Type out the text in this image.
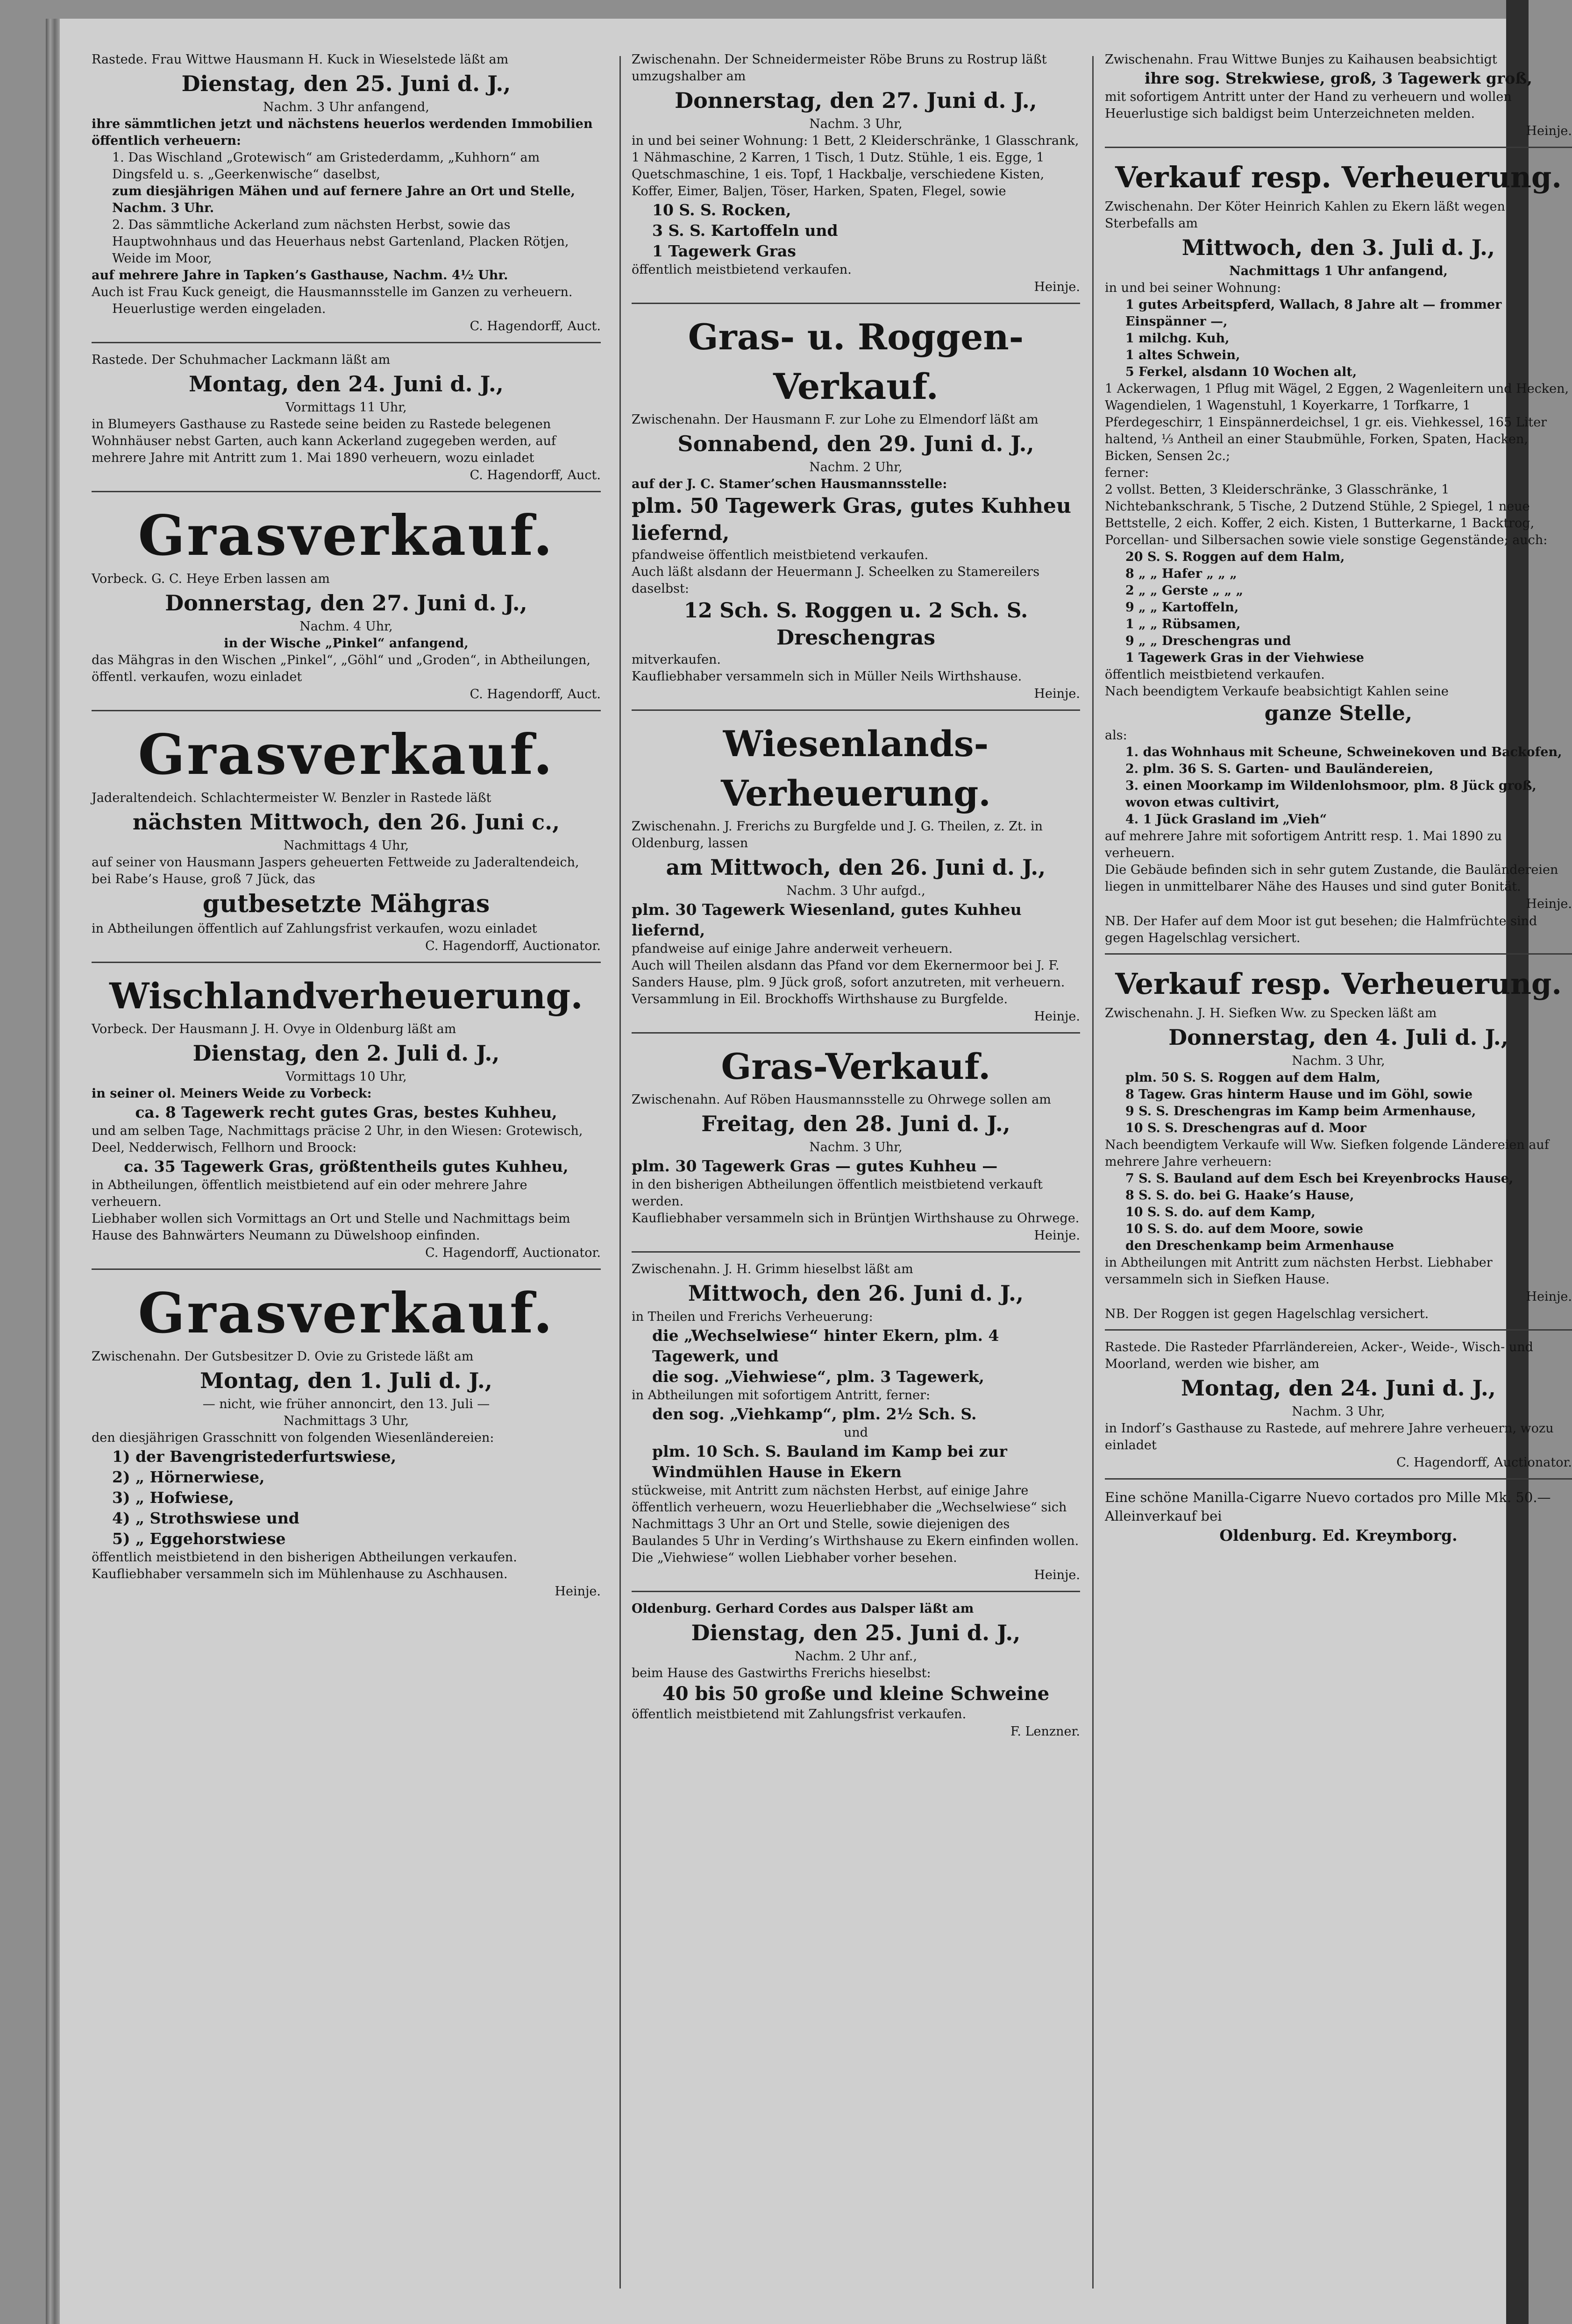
Rastede. Frau Wittwe Hausmann H. Kuck in Wieselstede läßt am

Dienstag, den 25. Juni d. J.,

Nachm. 3 Uhr anfangend,

ihre sämmtlichen jetzt und nächstens heuerlos werdenden Immobilien öffentlich verheuern:

1. Das Wischland „Grotewisch“ am Gristederdamm, „Kuhhorn“ am Dingsfeld u. s. „Geerkenwische“ daselbst,

zum diesjährigen Mähen und auf fernere Jahre an Ort und Stelle, Nachm. 3 Uhr.

2. Das sämmtliche Ackerland zum nächsten Herbst, sowie das Hauptwohnhaus und das Heuerhaus nebst Gartenland, Placken Rötjen, Weide im Moor,

auf mehrere Jahre in Tapken’s Gasthause, Nachm. 4½ Uhr.

Auch ist Frau Kuck geneigt, die Hausmannsstelle im Ganzen zu verheuern.

Heuerlustige werden eingeladen.

C. Hagendorff, Auct.

Rastede. Der Schuhmacher Lackmann läßt am

Montag, den 24. Juni d. J.,

Vormittags 11 Uhr,

in Blumeyers Gasthause zu Rastede seine beiden zu Rastede belegenen Wohnhäuser nebst Garten, auch kann Ackerland zugegeben werden, auf mehrere Jahre mit Antritt zum 1. Mai 1890 verheuern, wozu einladet

C. Hagendorff, Auct.

Grasverkauf.

Vorbeck. G. C. Heye Erben lassen am

Donnerstag, den 27. Juni d. J.,

Nachm. 4 Uhr,

in der Wische „Pinkel“ anfangend,

das Mähgras in den Wischen „Pinkel“, „Göhl“ und „Groden“, in Abtheilungen, öffentl. verkaufen, wozu einladet

C. Hagendorff, Auct.

Grasverkauf.

Jaderaltendeich. Schlachtermeister W. Benzler in Rastede läßt

nächsten Mittwoch, den 26. Juni c.,

Nachmittags 4 Uhr,

auf seiner von Hausmann Jaspers geheuerten Fettweide zu Jaderaltendeich, bei Rabe’s Hause, groß 7 Jück, das

gutbesetzte Mähgras

in Abtheilungen öffentlich auf Zahlungsfrist verkaufen, wozu einladet

C. Hagendorff, Auctionator.

Wischlandverheuerung.

Vorbeck. Der Hausmann J. H. Ovye in Oldenburg läßt am

Dienstag, den 2. Juli d. J.,

Vormittags 10 Uhr,

in seiner ol. Meiners Weide zu Vorbeck:

ca. 8 Tagewerk recht gutes Gras, bestes Kuhheu,

und am selben Tage, Nachmittags präcise 2 Uhr, in den Wiesen: Grotewisch, Deel, Nedderwisch, Fellhorn und Broock:

ca. 35 Tagewerk Gras, größtentheils gutes Kuhheu,

in Abtheilungen, öffentlich meistbietend auf ein oder mehrere Jahre verheuern.

Liebhaber wollen sich Vormittags an Ort und Stelle und Nachmittags beim Hause des Bahnwärters Neumann zu Düwelshoop einfinden.

C. Hagendorff, Auctionator.

Grasverkauf.

Zwischenahn. Der Gutsbesitzer D. Ovie zu Gristede läßt am

Montag, den 1. Juli d. J.,

— nicht, wie früher annoncirt, den 13. Juli —

Nachmittags 3 Uhr,

den diesjährigen Grasschnitt von folgenden Wiesenländereien:

1) der Bavengristederfurtswiese,

2) „ Hörnerwiese,

3) „ Hofwiese,

4) „ Strothswiese und

5) „ Eggehorstwiese

öffentlich meistbietend in den bisherigen Abtheilungen verkaufen.

Kaufliebhaber versammeln sich im Mühlenhause zu Aschhausen.

Heinje.

Zwischenahn. Der Schneidermeister Röbe Bruns zu Rostrup läßt umzugshalber am

Donnerstag, den 27. Juni d. J.,

Nachm. 3 Uhr,

in und bei seiner Wohnung: 1 Bett, 2 Kleiderschränke, 1 Glasschrank, 1 Nähmaschine, 2 Karren, 1 Tisch, 1 Dutz. Stühle, 1 eis. Egge, 1 Quetschmaschine, 1 eis. Topf, 1 Hackbalje, verschiedene Kisten, Koffer, Eimer, Baljen, Töser, Harken, Spaten, Flegel, sowie

10 S. S. Rocken,

3 S. S. Kartoffeln und

1 Tagewerk Gras

öffentlich meistbietend verkaufen.

Heinje.

Gras- u. Roggen-Verkauf.

Zwischenahn. Der Hausmann F. zur Lohe zu Elmendorf läßt am

Sonnabend, den 29. Juni d. J.,

Nachm. 2 Uhr,

auf der J. C. Stamer’schen Hausmannsstelle:

plm. 50 Tagewerk Gras, gutes Kuhheu liefernd,

pfandweise öffentlich meistbietend verkaufen.

Auch läßt alsdann der Heuermann J. Scheelken zu Stamereilers daselbst:

12 Sch. S. Roggen u. 2 Sch. S. Dreschengras

mitverkaufen.

Kaufliebhaber versammeln sich in Müller Neils Wirthshause.

Heinje.

Wiesenlands-Verheuerung.

Zwischenahn. J. Frerichs zu Burgfelde und J. G. Theilen, z. Zt. in Oldenburg, lassen

am Mittwoch, den 26. Juni d. J.,

Nachm. 3 Uhr aufgd.,

plm. 30 Tagewerk Wiesenland, gutes Kuhheu liefernd,

pfandweise auf einige Jahre anderweit verheuern.

Auch will Theilen alsdann das Pfand vor dem Ekernermoor bei J. F. Sanders Hause, plm. 9 Jück groß, sofort anzutreten, mit verheuern.

Versammlung in Eil. Brockhoffs Wirthshause zu Burgfelde.

Heinje.

Gras-Verkauf.

Zwischenahn. Auf Röben Hausmannsstelle zu Ohrwege sollen am

Freitag, den 28. Juni d. J.,

Nachm. 3 Uhr,

plm. 30 Tagewerk Gras — gutes Kuhheu —

in den bisherigen Abtheilungen öffentlich meistbietend verkauft werden.

Kaufliebhaber versammeln sich in Brüntjen Wirthshause zu Ohrwege.

Heinje.

Zwischenahn. J. H. Grimm hieselbst läßt am

Mittwoch, den 26. Juni d. J.,

in Theilen und Frerichs Verheuerung:

die „Wechselwiese“ hinter Ekern, plm. 4 Tagewerk, und

die sog. „Viehwiese“, plm. 3 Tagewerk,

in Abtheilungen mit sofortigem Antritt, ferner:

den sog. „Viehkamp“, plm. 2½ Sch. S.

und

plm. 10 Sch. S. Bauland im Kamp bei zur Windmühlen Hause in Ekern

stückweise, mit Antritt zum nächsten Herbst, auf einige Jahre öffentlich verheuern, wozu Heuerliebhaber die „Wechselwiese“ sich Nachmittags 3 Uhr an Ort und Stelle, sowie diejenigen des Baulandes 5 Uhr in Verding’s Wirthshause zu Ekern einfinden wollen. Die „Viehwiese“ wollen Liebhaber vorher besehen.

Heinje.

Oldenburg. Gerhard Cordes aus Dalsper läßt am

Dienstag, den 25. Juni d. J.,

Nachm. 2 Uhr anf.,

beim Hause des Gastwirths Frerichs hieselbst:

40 bis 50 große und kleine Schweine

öffentlich meistbietend mit Zahlungsfrist verkaufen.

F. Lenzner.

Zwischenahn. Frau Wittwe Bunjes zu Kaihausen beabsichtigt

ihre sog. Strekwiese, groß, 3 Tagewerk groß,

mit sofortigem Antritt unter der Hand zu verheuern und wollen Heuerlustige sich baldigst beim Unterzeichneten melden.

Heinje.

Verkauf resp. Verheuerung.

Zwischenahn. Der Köter Heinrich Kahlen zu Ekern läßt wegen Sterbefalls am

Mittwoch, den 3. Juli d. J.,

Nachmittags 1 Uhr anfangend,

in und bei seiner Wohnung:

1 gutes Arbeitspferd, Wallach, 8 Jahre alt — frommer Einspänner —,

1 milchg. Kuh,

1 altes Schwein,

5 Ferkel, alsdann 10 Wochen alt,

1 Ackerwagen, 1 Pflug mit Wägel, 2 Eggen, 2 Wagenleitern und Hecken, Wagendielen, 1 Wagenstuhl, 1 Koyerkarre, 1 Torfkarre, 1 Pferdegeschirr, 1 Einspännerdeichsel, 1 gr. eis. Viehkessel, 165 Liter haltend, ⅓ Antheil an einer Staubmühle, Forken, Spaten, Hacken, Bicken, Sensen 2c.;

ferner:

2 vollst. Betten, 3 Kleiderschränke, 3 Glasschränke, 1 Nichtebankschrank, 5 Tische, 2 Dutzend Stühle, 2 Spiegel, 1 neue Bettstelle, 2 eich. Koffer, 2 eich. Kisten, 1 Butterkarne, 1 Backtrog, Porcellan- und Silbersachen sowie viele sonstige Gegenstände; auch:

20 S. S. Roggen auf dem Halm,

8 „ „ Hafer „ „ „

2 „ „ Gerste „ „ „

9 „ „ Kartoffeln,

1 „ „ Rübsamen,

9 „ „ Dreschengras und

1 Tagewerk Gras in der Viehwiese

öffentlich meistbietend verkaufen.

Nach beendigtem Verkaufe beabsichtigt Kahlen seine

ganze Stelle,

als:

1. das Wohnhaus mit Scheune, Schweinekoven und Backofen,

2. plm. 36 S. S. Garten- und Bauländereien,

3. einen Moorkamp im Wildenlohsmoor, plm. 8 Jück groß, wovon etwas cultivirt,

4. 1 Jück Grasland im „Vieh“

auf mehrere Jahre mit sofortigem Antritt resp. 1. Mai 1890 zu verheuern.

Die Gebäude befinden sich in sehr gutem Zustande, die Bauländereien liegen in unmittelbarer Nähe des Hauses und sind guter Bonität.

Heinje.

NB. Der Hafer auf dem Moor ist gut besehen; die Halmfrüchte sind gegen Hagelschlag versichert.

Verkauf resp. Verheuerung.

Zwischenahn. J. H. Siefken Ww. zu Specken läßt am

Donnerstag, den 4. Juli d. J.,

Nachm. 3 Uhr,

plm. 50 S. S. Roggen auf dem Halm,

8 Tagew. Gras hinterm Hause und im Göhl, sowie

9 S. S. Dreschengras im Kamp beim Armenhause,

10 S. S. Dreschengras auf d. Moor

Nach beendigtem Verkaufe will Ww. Siefken folgende Ländereien auf mehrere Jahre verheuern:

7 S. S. Bauland auf dem Esch bei Kreyenbrocks Hause,

8 S. S. do. bei G. Haake’s Hause,

10 S. S. do. auf dem Kamp,

10 S. S. do. auf dem Moore, sowie

den Dreschenkamp beim Armenhause

in Abtheilungen mit Antritt zum nächsten Herbst. Liebhaber versammeln sich in Siefken Hause.

Heinje.

NB. Der Roggen ist gegen Hagelschlag versichert.

Rastede. Die Rasteder Pfarrländereien, Acker-, Weide-, Wisch- und Moorland, werden wie bisher, am

Montag, den 24. Juni d. J.,

Nachm. 3 Uhr,

in Indorf’s Gasthause zu Rastede, auf mehrere Jahre verheuern, wozu einladet

C. Hagendorff, Auctionator.

Eine schöne Manilla-Cigarre Nuevo cortados pro Mille Mk. 50.— Alleinverkauf bei

Oldenburg. Ed. Kreymborg.
